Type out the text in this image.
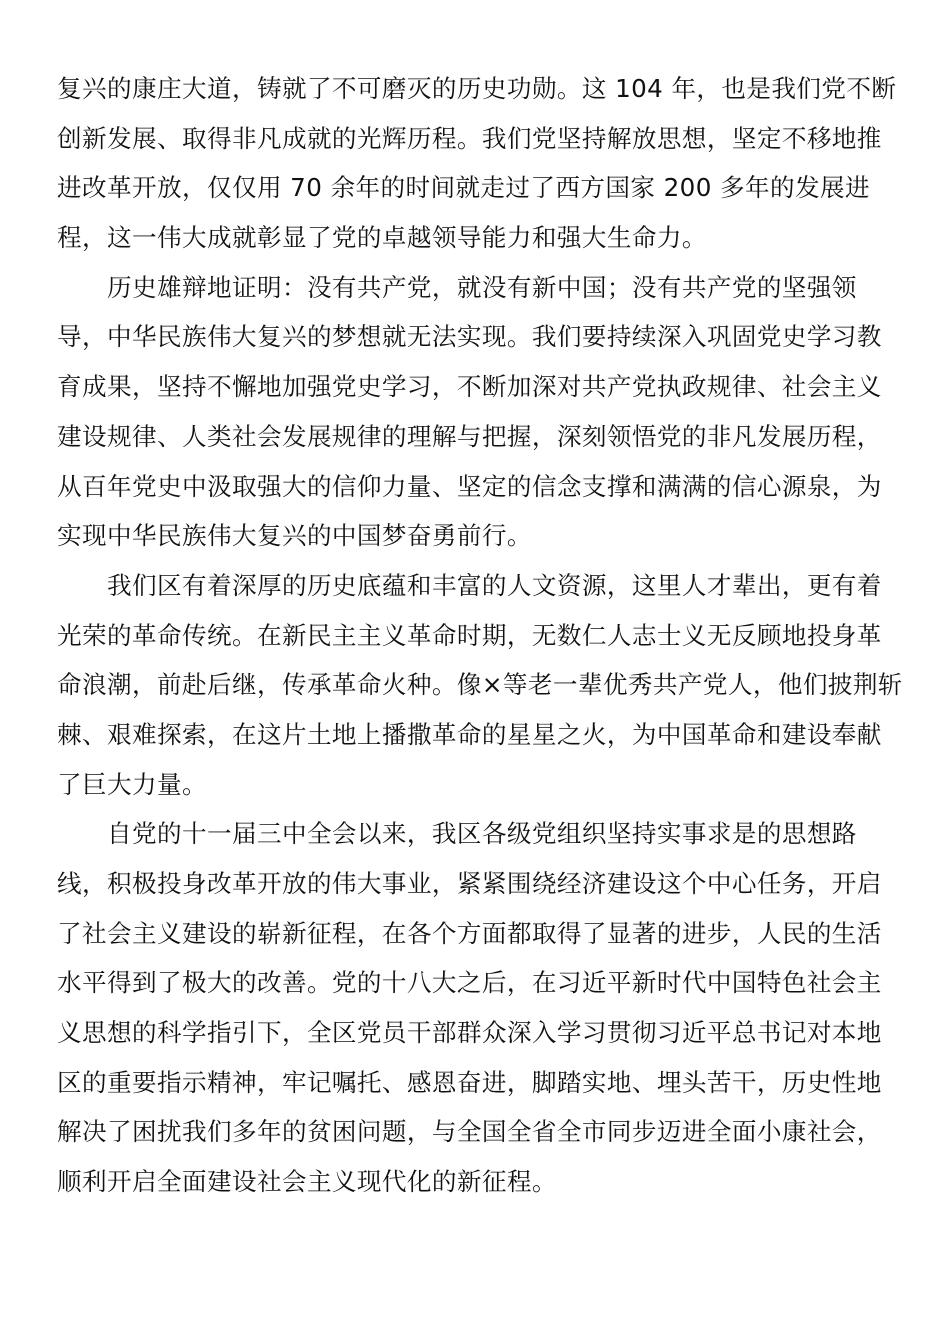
复兴的康庄大道，铸就了不可磨灭的历史功勋。这 104 年，也是我们党不断
创新发展、取得非凡成就的光辉历程。我们党坚持解放思想，坚定不移地推
进改革开放，仅仅用 70 余年的时间就走过了西方国家 200 多年的发展进
程，这一伟大成就彰显了党的卓越领导能力和强大生命力。

　　历史雄辩地证明：没有共产党，就没有新中国；没有共产党的坚强领
导，中华民族伟大复兴的梦想就无法实现。我们要持续深入巩固党史学习教
育成果，坚持不懈地加强党史学习，不断加深对共产党执政规律、社会主义
建设规律、人类社会发展规律的理解与把握，深刻领悟党的非凡发展历程，
从百年党史中汲取强大的信仰力量、坚定的信念支撑和满满的信心源泉，为
实现中华民族伟大复兴的中国梦奋勇前行。

　　我们区有着深厚的历史底蕴和丰富的人文资源，这里人才辈出，更有着
光荣的革命传统。在新民主主义革命时期，无数仁人志士义无反顾地投身革
命浪潮，前赴后继，传承革命火种。像×等老一辈优秀共产党人，他们披荆斩
棘、艰难探索，在这片土地上播撒革命的星星之火，为中国革命和建设奉献
了巨大力量。

　　自党的十一届三中全会以来，我区各级党组织坚持实事求是的思想路
线，积极投身改革开放的伟大事业，紧紧围绕经济建设这个中心任务，开启
了社会主义建设的崭新征程，在各个方面都取得了显著的进步，人民的生活
水平得到了极大的改善。党的十八大之后，在习近平新时代中国特色社会主
义思想的科学指引下，全区党员干部群众深入学习贯彻习近平总书记对本地
区的重要指示精神，牢记嘱托、感恩奋进，脚踏实地、埋头苦干，历史性地
解决了困扰我们多年的贫困问题，与全国全省全市同步迈进全面小康社会，
顺利开启全面建设社会主义现代化的新征程。
